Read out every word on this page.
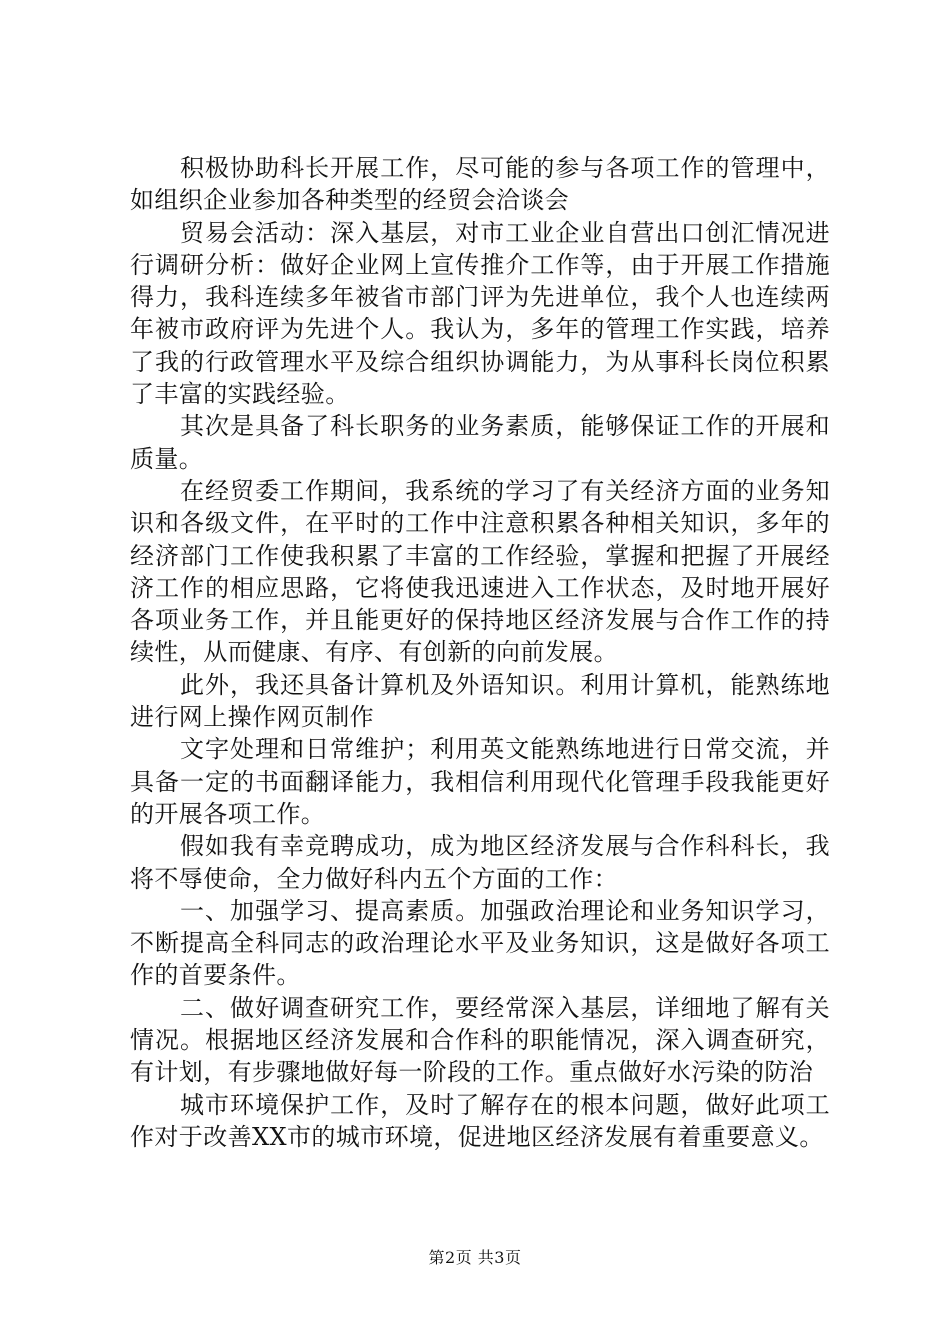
积极协助科长开展工作，尽可能的参与各项工作的管理中，如组织企业参加各种类型的经贸会洽谈会

贸易会活动：深入基层，对市工业企业自营出口创汇情况进行调研分析：做好企业网上宣传推介工作等，由于开展工作措施得力，我科连续多年被省市部门评为先进单位，我个人也连续两年被市政府评为先进个人。我认为，多年的管理工作实践，培养了我的行政管理水平及综合组织协调能力，为从事科长岗位积累了丰富的实践经验。

其次是具备了科长职务的业务素质，能够保证工作的开展和质量。

在经贸委工作期间，我系统的学习了有关经济方面的业务知识和各级文件，在平时的工作中注意积累各种相关知识，多年的经济部门工作使我积累了丰富的工作经验，掌握和把握了开展经济工作的相应思路，它将使我迅速进入工作状态，及时地开展好各项业务工作，并且能更好的保持地区经济发展与合作工作的持续性，从而健康、有序、有创新的向前发展。

此外，我还具备计算机及外语知识。利用计算机，能熟练地进行网上操作网页制作

文字处理和日常维护；利用英文能熟练地进行日常交流，并具备一定的书面翻译能力，我相信利用现代化管理手段我能更好的开展各项工作。

假如我有幸竞聘成功，成为地区经济发展与合作科科长，我将不辱使命，全力做好科内五个方面的工作：

一、加强学习、提高素质。加强政治理论和业务知识学习，不断提高全科同志的政治理论水平及业务知识，这是做好各项工作的首要条件。

二、做好调查研究工作，要经常深入基层，详细地了解有关情况。根据地区经济发展和合作科的职能情况，深入调查研究，有计划，有步骤地做好每一阶段的工作。重点做好水污染的防治

城市环境保护工作，及时了解存在的根本问题，做好此项工作对于改善XX市的城市环境，促进地区经济发展有着重要意义。

第2页 共3页
